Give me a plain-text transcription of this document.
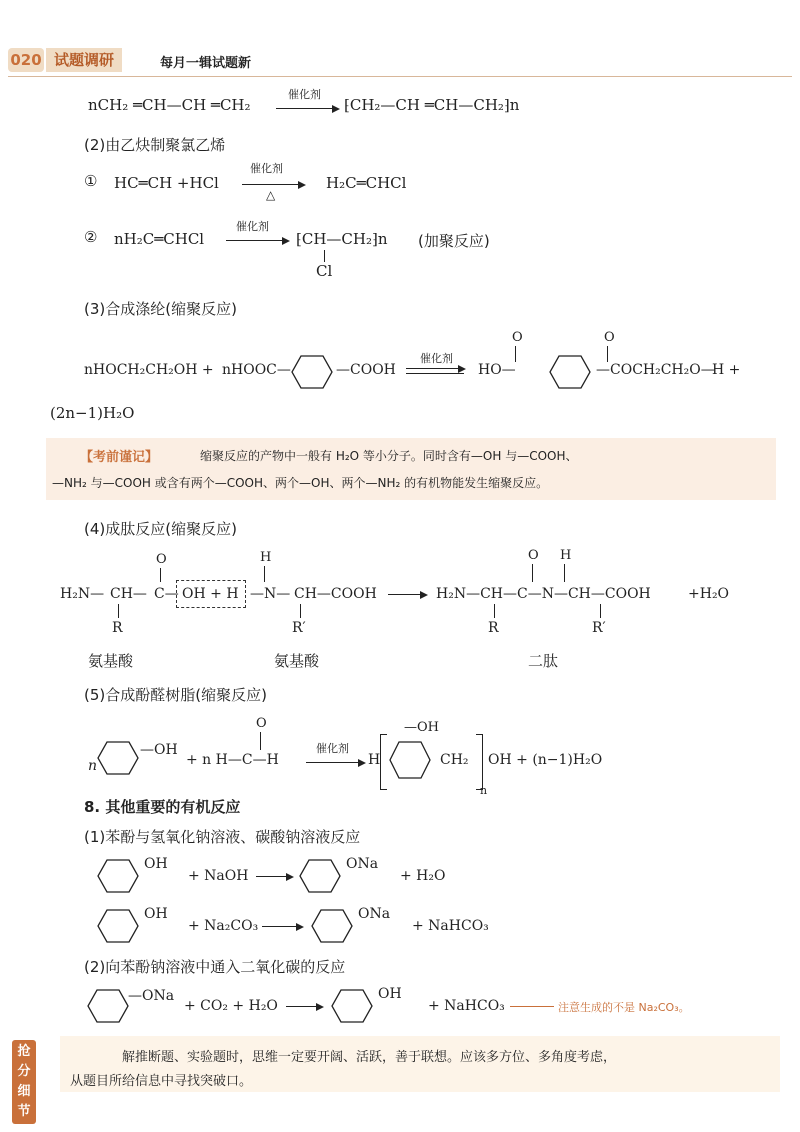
020 试题调研	每月一辑试题新
nCH₂ ═CH—CH ═CH₂
催化剂
⁅CH₂—CH ═CH—CH₂⁆n
(2)由乙炔制聚氯乙烯
① HC═CH +HCl
催化剂
△
H₂C═CHCl
② nH₂C═CHCl
催化剂
⁅CH—CH₂⁆n
Cl
(加聚反应)
(3)合成涤纶(缩聚反应)
nHOCH₂CH₂OH + nHOOC—	—COOH
催化剂
HO—
O	O
—COCH₂CH₂O—
H +
(2n−1)H₂O
【考前谨记】	缩聚反应的产物中一般有 H₂O 等小分子。同时含有—OH 与—COOH、
—NH₂ 与—COOH 或含有两个—COOH、两个—OH、两个—NH₂ 的有机物能发生缩聚反应。
(4)成肽反应(缩聚反应)
O	H
H₂N— CH— C— OH + H —N— CH—COOH
R	R′
O H
H₂N—CH—C—N—CH—COOH	+H₂O
R	R′
氨基酸	氨基酸	二肽
(5)合成酚醛树脂(缩聚反应)
n
—OH
O
+ n H—C—H
催化剂
H
—OH
CH₂
n
OH + (n−1)H₂O
8. 其他重要的有机反应
(1)苯酚与氢氧化钠溶液、碳酸钠溶液反应
OH
+ NaOH
ONa
+ H₂O
OH
+ Na₂CO₃
ONa
+ NaHCO₃
(2)向苯酚钠溶液中通入二氧化碳的反应
—ONa
+ CO₂ + H₂O
OH
+ NaHCO₃	注意生成的不是 Na₂CO₃。
抢分细节
解推断题、实验题时，思维一定要开阔、活跃，善于联想。应该多方位、多角度考虑，
从题目所给信息中寻找突破口。
